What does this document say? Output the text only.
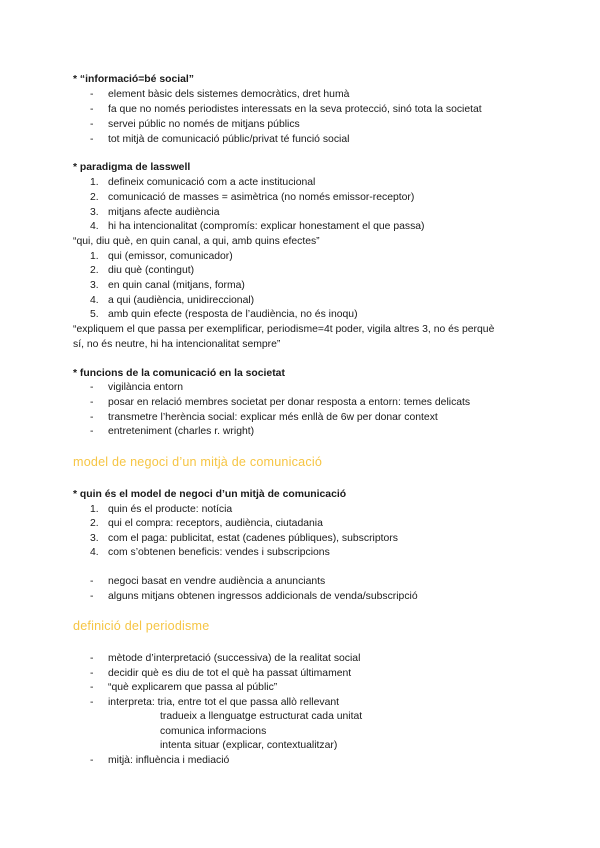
* “informació=bé social”
- element bàsic dels sistemes democràtics, dret humà
- fa que no només periodistes interessats en la seva protecció, sinó tota la societat
- servei públic no només de mitjans públics
- tot mitjà de comunicació públic/privat té funció social
* paradigma de lasswell
1. defineix comunicació com a acte institucional
2. comunicació de masses = asimètrica (no només emissor-receptor)
3. mitjans afecte audiència
4. hi ha intencionalitat (compromís: explicar honestament el que passa)
“qui, diu què, en quin canal, a qui, amb quins efectes”
1. qui (emissor, comunicador)
2. diu què (contingut)
3. en quin canal (mitjans, forma)
4. a qui (audiència, unidireccional)
5. amb quin efecte (resposta de l’audiència, no és inoqu)
“expliquem el que passa per exemplificar, periodisme=4t poder, vigila altres 3, no és perquè
sí, no és neutre, hi ha intencionalitat sempre”
* funcions de la comunicació en la societat
- vigilància entorn
- posar en relació membres societat per donar resposta a entorn: temes delicats
- transmetre l’herència social: explicar més enllà de 6w per donar context
- entreteniment (charles r. wright)
model de negoci d’un mitjà de comunicació
* quin és el model de negoci d’un mitjà de comunicació
1. quin és el producte: notícia
2. qui el compra: receptors, audiència, ciutadania
3. com el paga: publicitat, estat (cadenes públiques), subscriptors
4. com s’obtenen beneficis: vendes i subscripcions
- negoci basat en vendre audiència a anunciants
- alguns mitjans obtenen ingressos addicionals de venda/subscripció
definició del periodisme
- mètode d’interpretació (successiva) de la realitat social
- decidir què es diu de tot el què ha passat últimament
- “què explicarem que passa al públic”
- interpreta: tria, entre tot el que passa allò rellevant
tradueix a llenguatge estructurat cada unitat
comunica informacions
intenta situar (explicar, contextualitzar)
- mitjà: influència i mediació
